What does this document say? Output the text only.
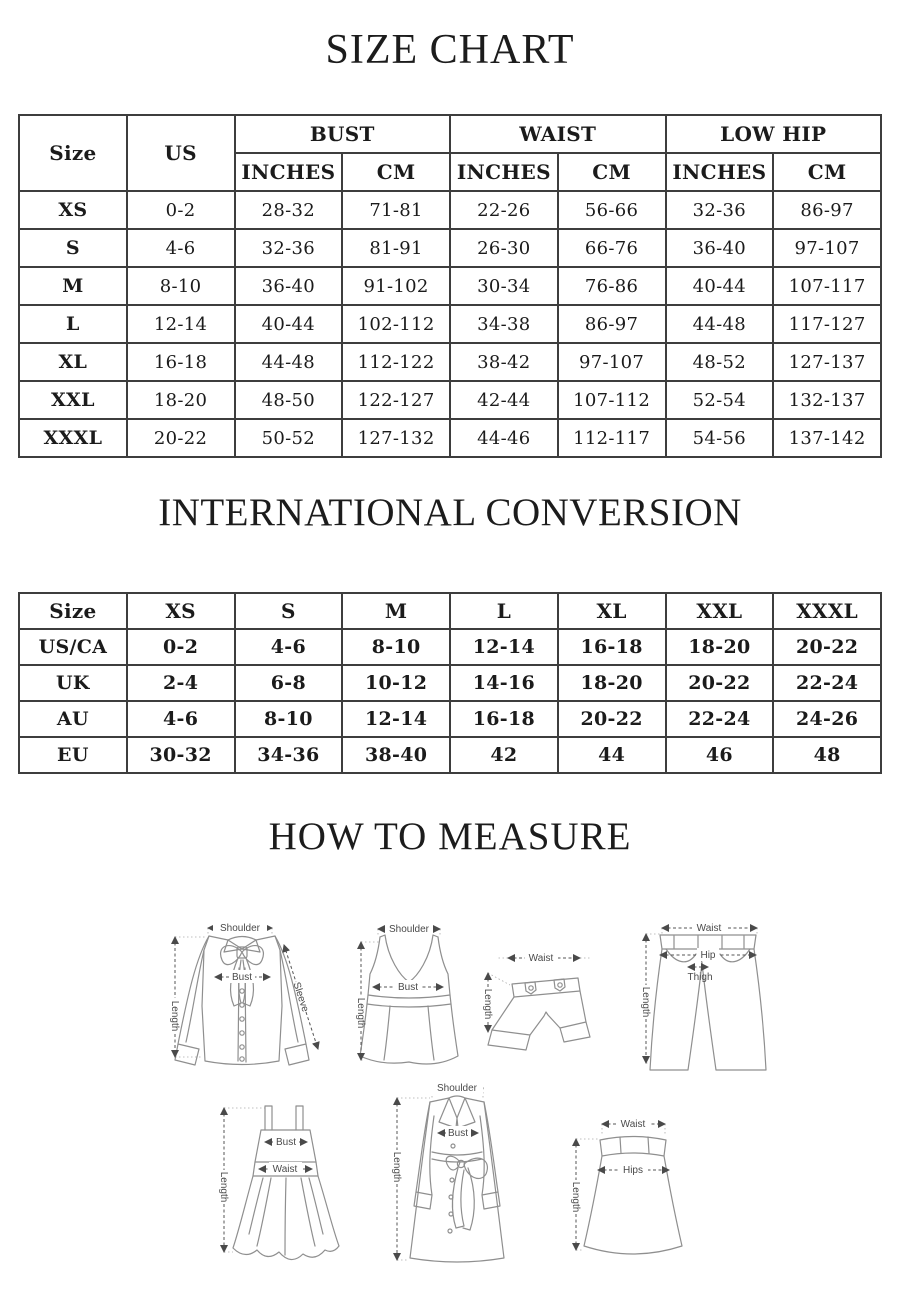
SIZE CHART
Size	US	BUST		WAIST		LOW HIP	
		INCHES	CM	INCHES	CM	INCHES	CM
XS	0-2	28-32	71-81	22-26	56-66	32-36	86-97
S	4-6	32-36	81-91	26-30	66-76	36-40	97-107
M	8-10	36-40	91-102	30-34	76-86	40-44	107-117
L	12-14	40-44	102-112	34-38	86-97	44-48	117-127
XL	16-18	44-48	112-122	38-42	97-107	48-52	127-137
XXL	18-20	48-50	122-127	42-44	107-112	52-54	132-137
XXXL	20-22	50-52	127-132	44-46	112-117	54-56	137-142
INTERNATIONAL CONVERSION
Size	XS	S	M	L	XL	XXL	XXXL
US/CA	0-2	4-6	8-10	12-14	16-18	18-20	20-22
UK	2-4	6-8	10-12	14-16	18-20	20-22	22-24
AU	4-6	8-10	12-14	16-18	20-22	22-24	24-26
EU	30-32	34-36	38-40	42	44	46	48
HOW TO MEASURE
Shoulder
Bust
Length
Sleeve
Shoulder
Bust
Length
Waist
Length
Waist
Hip
Thigh
Length
Bust
Waist
Length
Shoulder
Bust
Length
Waist
Hips
Length
